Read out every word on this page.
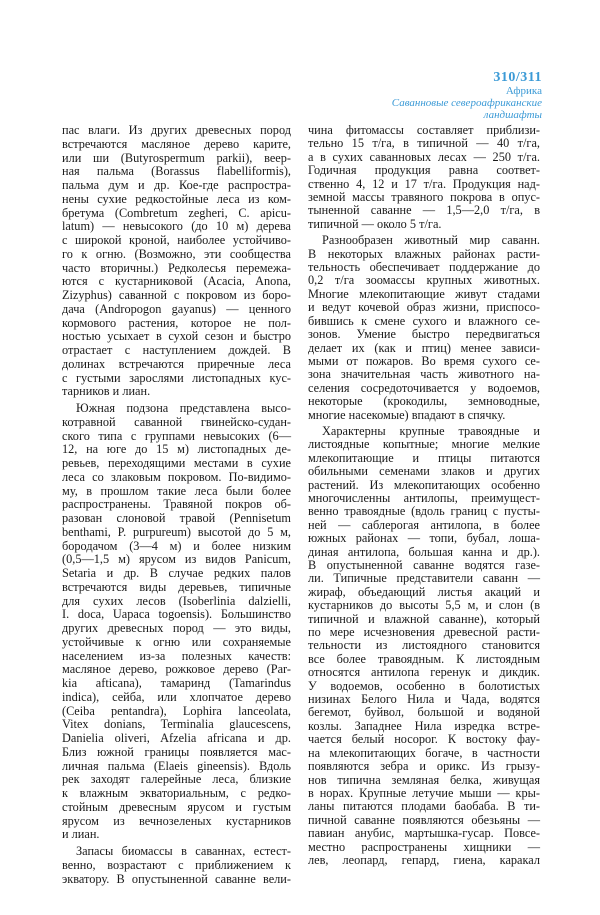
310/311
Африка
Саванновые североафриканские ландшафты
пас влаги. Из других древесных пород
встречаются масляное дерево карите,
или ши (Butyrospermum parkii), веер-
ная пальма (Borassus flabelliformis),
пальма дум и др. Кое-где распростра-
нены сухие редкостойные леса из ком-
бретума (Combretum zegheri, C. apicu-
latum) — невысокого (до 10 м) дерева
с широкой кроной, наиболее устойчиво-
го к огню. (Возможно, эти сообщества
часто вторичны.) Редколесья перемежа-
ются с кустарниковой (Acacia, Anona,
Zizyphus) саванной с покровом из боро-
дача (Andropogon gayanus) — ценного
кормового растения, которое не пол-
ностью усыхает в сухой сезон и быстро
отрастает с наступлением дождей. В
долинах встречаются приречные леса
с густыми зарослями листопадных кус-
тарников и лиан.
Южная подзона представлена высо-
котравной саванной гвинейско-судан-
ского типа с группами невысоких (6—
12, на юге до 15 м) листопадных де-
ревьев, переходящими местами в сухие
леса со злаковым покровом. По-видимо-
му, в прошлом такие леса были более
распространены. Травяной покров об-
разован слоновой травой (Pennisetum
benthami, P. purpureum) высотой до 5 м,
бородачом (3—4 м) и более низким
(0,5—1,5 м) ярусом из видов Panicum,
Setaria и др. В случае редких палов
встречаются виды деревьев, типичные
для сухих лесов (Isoberlinia dalzielli,
I. doca, Uapaca togoensis). Большинство
других древесных пород — это виды,
устойчивые к огню или сохраняемые
населением из-за полезных качеств:
масляное дерево, рожковое дерево (Par-
kia afticana), тамаринд (Tamarindus
indica), сейба, или хлопчатое дерево
(Ceiba pentandra), Lophira lanceolata,
Vitex donians, Terminalia glaucescens,
Danielia oliveri, Afzelia africana и др.
Близ южной границы появляется мас-
личная пальма (Elaeis gineensis). Вдоль
рек заходят галерейные леса, близкие
к влажным экваториальным, с редко-
стойным древесным ярусом и густым
ярусом из вечнозеленых кустарников
и лиан.
Запасы биомассы в саваннах, естест-
венно, возрастают с приближением к
экватору. В опустыненной саванне вели-
чина фитомассы составляет приблизи-
тельно 15 т/га, в типичной — 40 т/га,
а в сухих саванновых лесах — 250 т/га.
Годичная продукция равна соответ-
ственно 4, 12 и 17 т/га. Продукция над-
земной массы травяного покрова в опус-
тыненной саванне — 1,5—2,0 т/га, в
типичной — около 5 т/га.
Разнообразен животный мир саванн.
В некоторых влажных районах расти-
тельность обеспечивает поддержание до
0,2 т/га зоомассы крупных животных.
Многие млекопитающие живут стадами
и ведут кочевой образ жизни, приспосо-
бившись к смене сухого и влажного се-
зонов. Умение быстро передвигаться
делает их (как и птиц) менее зависи-
мыми от пожаров. Во время сухого се-
зона значительная часть животного на-
селения сосредоточивается у водоемов,
некоторые (крокодилы, земноводные,
многие насекомые) впадают в спячку.
Характерны крупные травоядные и
листоядные копытные; многие мелкие
млекопитающие и птицы питаются
обильными семенами злаков и других
растений. Из млекопитающих особенно
многочисленны антилопы, преимущест-
венно травоядные (вдоль границ с пусты-
ней — саблерогая антилопа, в более
южных районах — топи, бубал, лоша-
диная антилопа, большая канна и др.).
В опустыненной саванне водятся газе-
ли. Типичные представители саванн —
жираф, объедающий листья акаций и
кустарников до высоты 5,5 м, и слон (в
типичной и влажной саванне), который
по мере исчезновения древесной расти-
тельности из листоядного становится
все более травоядным. К листоядным
относятся антилопа геренук и дикдик.
У водоемов, особенно в болотистых
низинах Белого Нила и Чада, водятся
бегемот, буйвол, большой и водяной
козлы. Западнее Нила изредка встре-
чается белый носорог. К востоку фау-
на млекопитающих богаче, в частности
появляются зебра и орикс. Из грызу-
нов типична земляная белка, живущая
в норах. Крупные летучие мыши — кры-
ланы питаются плодами баобаба. В ти-
пичной саванне появляются обезьяны —
павиан анубис, мартышка-гусар. Повсе-
местно распространены хищники —
лев, леопард, гепард, гиена, каракал
